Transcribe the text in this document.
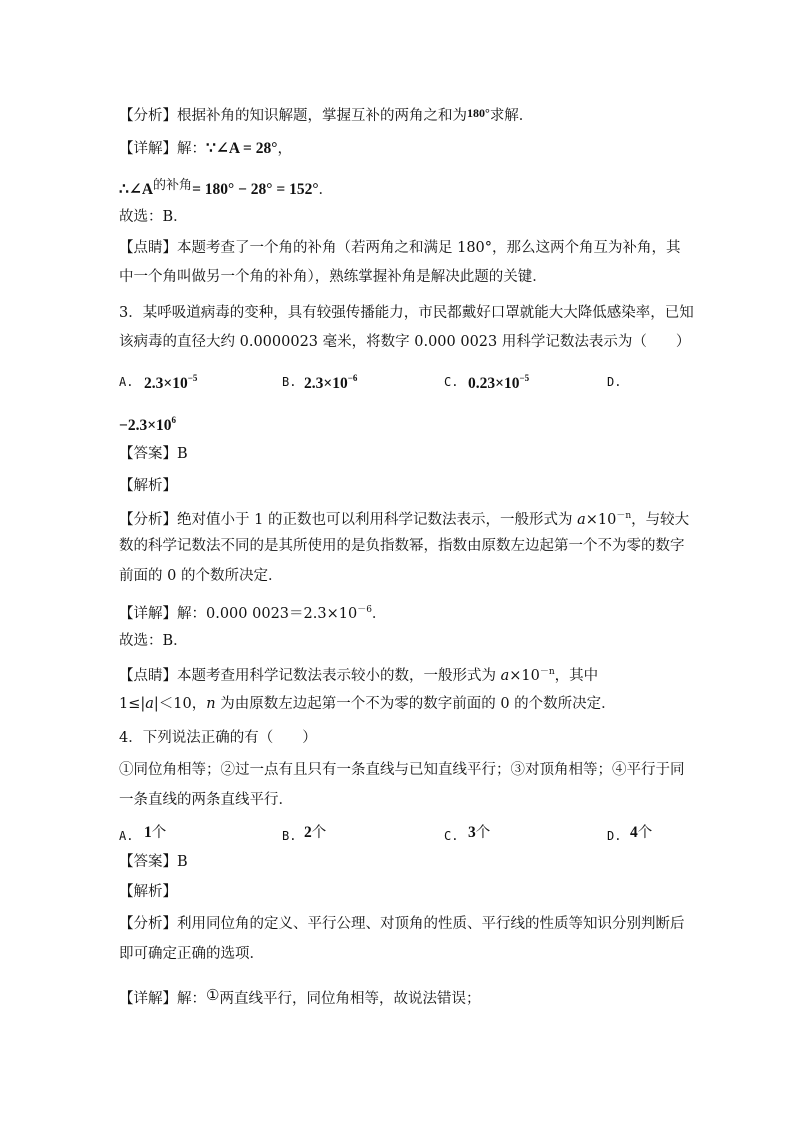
【分析】根据补角的知识解题，掌握互补的两角之和为$^{180^\circ}$求解．
【详解】解：∵∠A = 28°，
∴∠A的补角= 180° − 28° = 152°．
故选：B．
【点睛】本题考查了一个角的补角（若两角之和满足 180°，那么这两个角互为补角，其
中一个角叫做另一个角的补角），熟练掌握补角是解决此题的关键．
3．某呼吸道病毒的变种，具有较强传播能力，市民都戴好口罩就能大大降低感染率，已知
该病毒的直径大约 0.0000023 毫米，将数字 0.000 0023 用科学记数法表示为（　　）
A. $2.3\times 10^{-5}$	B. $2.3\times 10^{-6}$	C. $0.23\times 10^{-5}$	D.
$-2.3\times 10^6$
【答案】B
【解析】
【分析】绝对值小于 1 的正数也可以利用科学记数法表示，一般形式为 $a\times 10^{-n}$，与较大
数的科学记数法不同的是其所使用的是负指数幂，指数由原数左边起第一个不为零的数字
前面的 0 的个数所决定．
【详解】解：0.000 $0023=2.3\times 10^{-6}$．
故选：B．
【点睛】本题考查用科学记数法表示较小的数，一般形式为 $a\times 10^{-n}$，其中
1≤|a|＜10，n 为由原数左边起第一个不为零的数字前面的 0 的个数所决定．
4．下列说法正确的有（　　）
①同位角相等；②过一点有且只有一条直线与已知直线平行；③对顶角相等；④平行于同
一条直线的两条直线平行．
A. 1个	B. 2个	C. 3个	D. 4个
【答案】B
【解析】
【分析】利用同位角的定义、平行公理、对顶角的性质、平行线的性质等知识分别判断后
即可确定正确的选项．
【详解】解：①两直线平行，同位角相等，故说法错误；
